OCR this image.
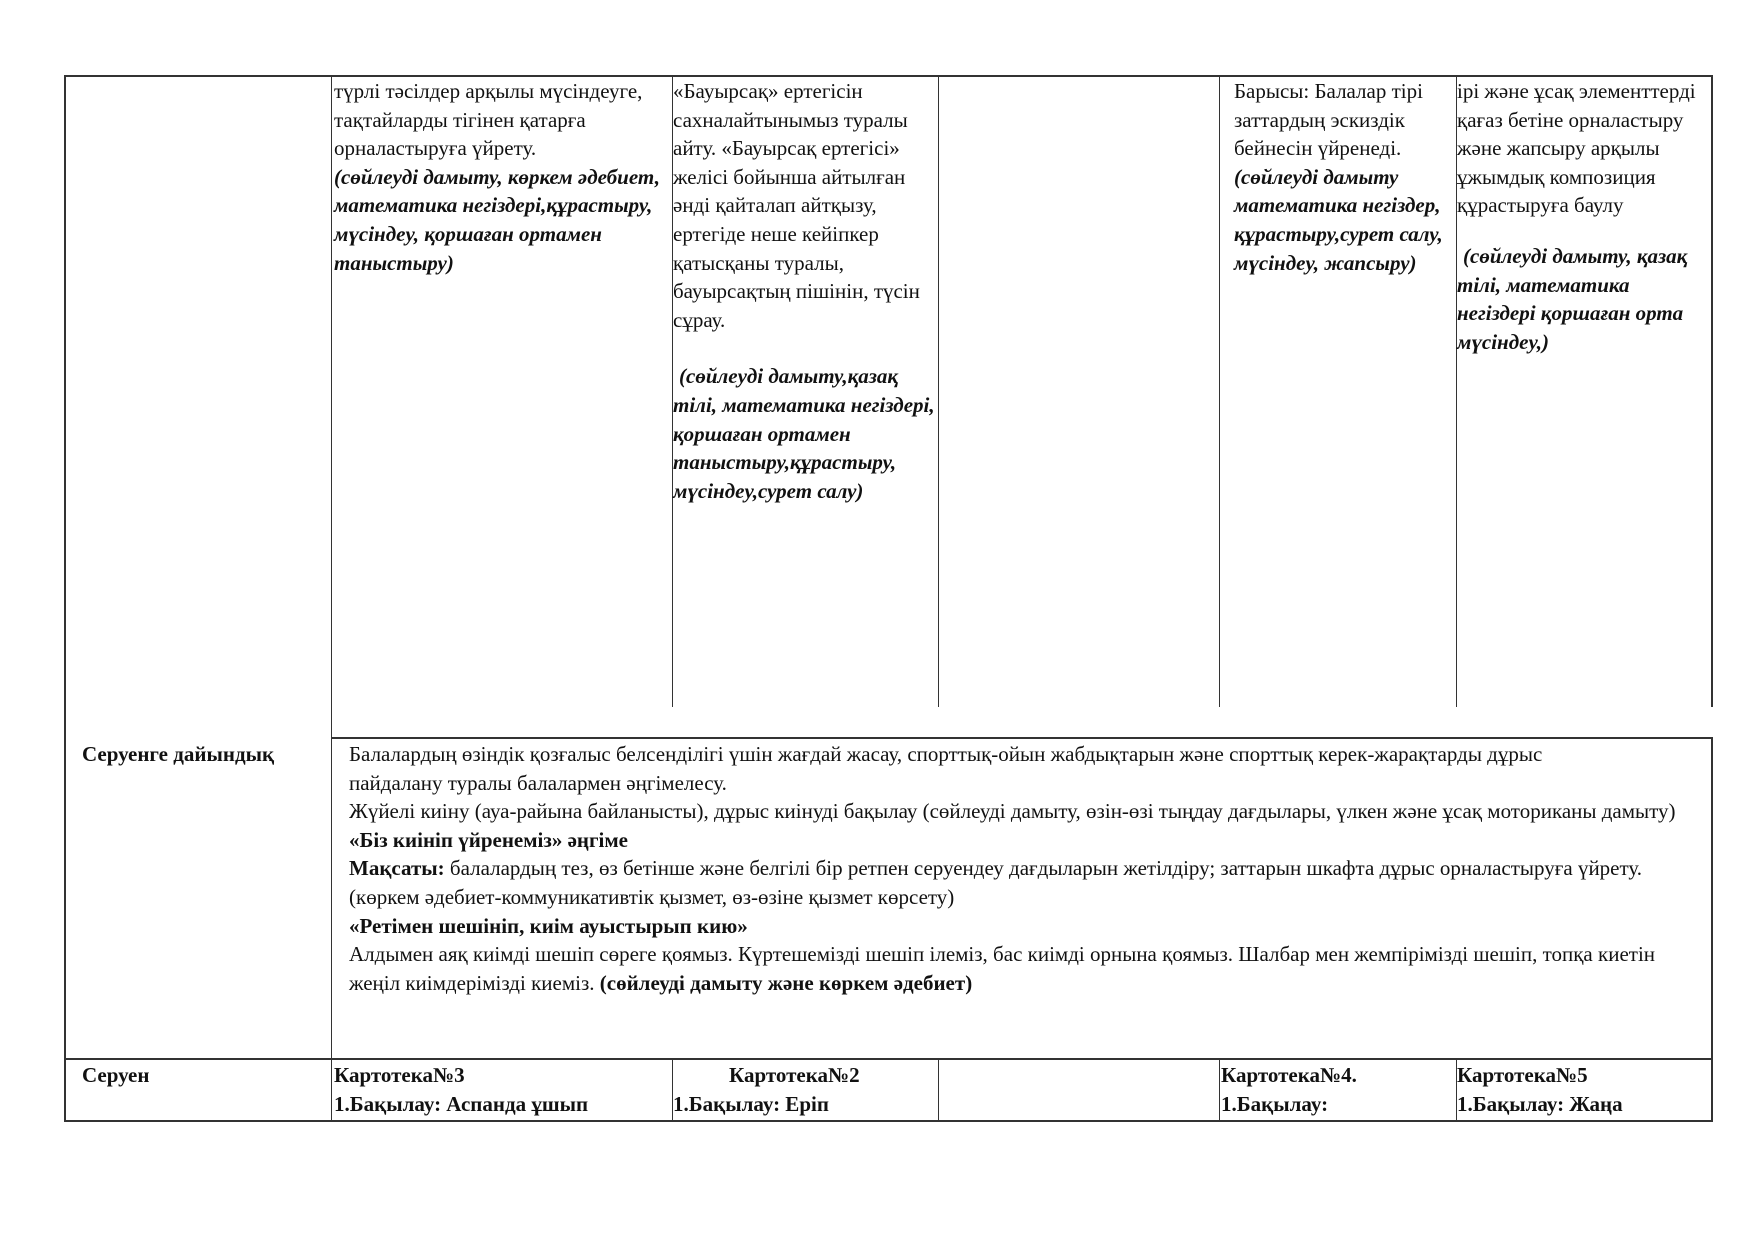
түрлі тәсілдер арқылы мүсіндеуге, тақтайларды тігінен қатарға орналастыруға үйрету.

(сөйлеуді дамыту, көркем әдебиет, математика негіздері,құрастыру, мүсіндеу, қоршаған ортамен таныстыру)

«Бауырсақ» ертегісін сахналайтынымыз туралы айту. «Бауырсақ ертегісі» желісі бойынша айтылған әнді қайталап айтқызу, ертегіде неше кейіпкер қатысқаны туралы, бауырсақтың пішінін, түсін сұрау.

(сөйлеуді дамыту,қазақ тілі, математика негіздері, қоршаған ортамен таныстыру,құрастыру, мүсіндеу,сурет салу)

Барысы: Балалар тірі заттардың эскиздік бейнесін үйренеді.(сөйлеуді дамыту математика негіздер, құрастыру,сурет салу, мүсіндеу, жапсыру)

ірі және ұсақ элементтерді қағаз бетіне орналастыру және жапсыру арқылы ұжымдық композиция құрастыруға баулу

(сөйлеуді дамыту, қазақ тілі, математика негіздері қоршаған орта мүсіндеу,)

Серуенге дайындық	Балалардың өзіндік қозғалыс белсенділігі үшін жағдай жасау, спорттық-ойын жабдықтарын және спорттық керек-жарақтарды дұрыс пайдалану туралы балалармен әңгімелесу.

Жүйелі киіну (ауа-райына байланысты), дұрыс киінуді бақылау (сөйлеуді дамыту, өзін-өзі тыңдау дағдылары, үлкен және ұсақ моториканы дамыту)

«Біз киініп үйренеміз» әңгіме

Мақсаты: балалардың тез, өз бетінше және белгілі бір ретпен серуендеу дағдыларын жетілдіру; заттарын шкафта дұрыс орналастыруға үйрету.

(көркем әдебиет-коммуникативтік қызмет, өз-өзіне қызмет көрсету)

«Ретімен шешініп, киім ауыстырып кию»

Алдымен аяқ киімді шешіп сөреге қоямыз. Күртешемізді шешіп ілеміз, бас киімді орнына қоямыз. Шалбар мен жемпірімізді шешіп, топқа киетін жеңіл киімдерімізді киеміз. (сөйлеуді дамыту және көркем әдебиет)

Серуен	Картотека№3

1.Бақылау: Аспанда ұшып

Картотека№2

1.Бақылау: Еріп

Картотека№4.

1.Бақылау:

Картотека№5

1.Бақылау: Жаңа
